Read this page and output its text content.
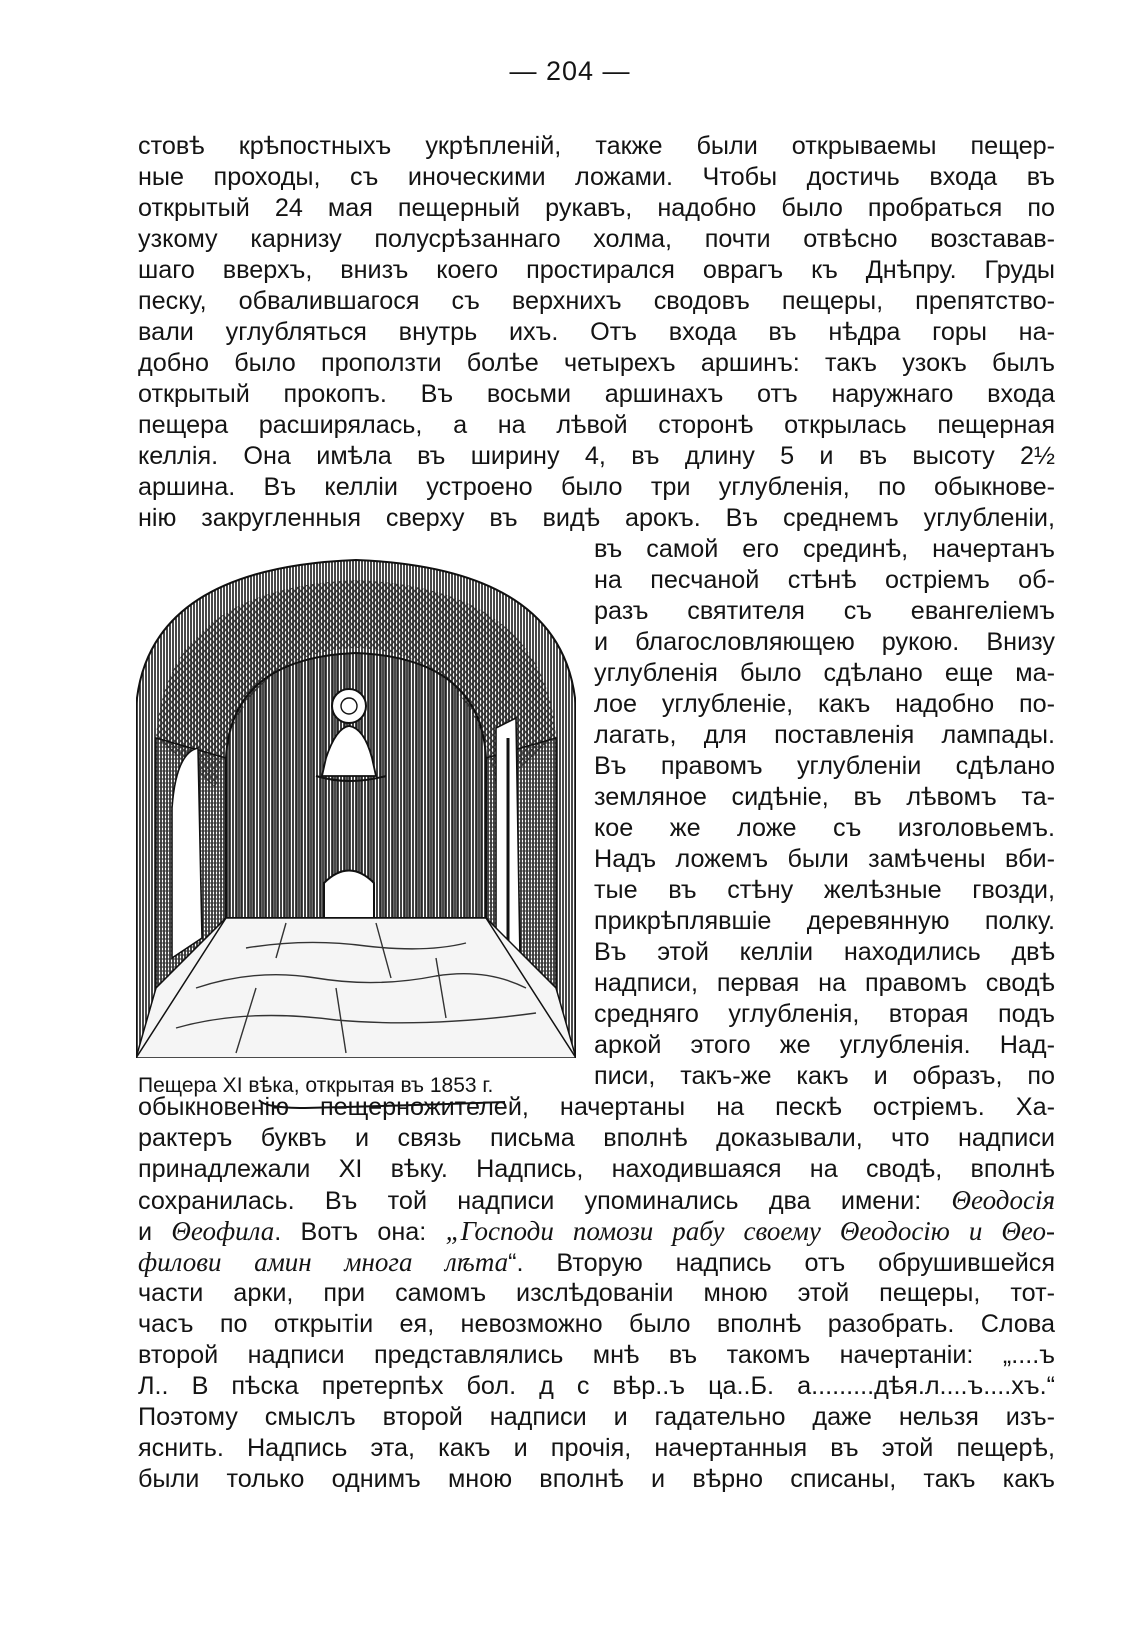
— 204 —
стовѣ крѣпостныхъ укрѣпленій, также были открываемы пещер-
ные проходы, съ иноческими ложами. Чтобы достичь входа въ
открытый 24 мая пещерный рукавъ, надобно было пробраться по
узкому карнизу полусрѣзаннаго холма, почти отвѣсно возставав-
шаго вверхъ, внизъ коего простирался оврагъ къ Днѣпру. Груды
песку, обвалившагося съ верхнихъ сводовъ пещеры, препятство-
вали углубляться внутрь ихъ. Отъ входа въ нѣдра горы на-
добно было проползти болѣе четырехъ аршинъ: такъ узокъ былъ
открытый прокопъ. Въ восьми аршинахъ отъ наружнаго входа
пещера расширялась, а на лѣвой сторонѣ открылась пещерная
келлія. Она имѣла въ ширину 4, въ длину 5 и въ высоту 2½
аршина. Въ келліи устроено было три углубленія, по обыкнове-
нію закругленныя сверху въ видѣ арокъ. Въ среднемъ углубленіи,
въ самой его срединѣ, начертанъ
на песчаной стѣнѣ остріемъ об-
разъ святителя съ евангеліемъ
и благословляющею рукою. Внизу
углубленія было сдѣлано еще ма-
лое углубленіе, какъ надобно по-
лагать, для поставленія лампады.
Въ правомъ углубленіи сдѣлано
земляное сидѣніе, въ лѣвомъ та-
кое же ложе съ изголовьемъ.
Надъ ложемъ были замѣчены вби-
тые въ стѣну желѣзные гвозди,
прикрѣплявшіе деревянную полку.
Въ этой келліи находились двѣ
надписи, первая на правомъ сводѣ
средняго углубленія, вторая подъ
аркой этого же углубленія. Над-
писи, такъ-же какъ и образъ, по
Пещера XI вѣка, открытая въ 1853 г.
обыкновенію пещерножителей, начертаны на пескѣ остріемъ. Ха-
рактеръ буквъ и связь письма вполнѣ доказывали, что надписи
принадлежали XI вѣку. Надпись, находившаяся на сводѣ, вполнѣ
сохранилась. Въ той надписи упоминались два имени: Θеодосія
и Θеофила. Вотъ она: „Господи помози рабу своему Θеодосію и Θео-
филови амин многа лѣта“. Вторую надпись отъ обрушившейся
части арки, при самомъ изслѣдованіи мною этой пещеры, тот-
часъ по открытіи ея, невозможно было вполнѣ разобрать. Слова
второй надписи представлялись мнѣ въ такомъ начертаніи: „....ъ
Л.. В пѣска претерпѣх бол. д с вѣр..ъ ца..Б. а.........дѣя.л....ъ....хъ.“
Поэтому смыслъ второй надписи и гадательно даже нельзя изъ-
яснить. Надпись эта, какъ и прочія, начертанныя въ этой пещерѣ,
были только однимъ мною вполнѣ и вѣрно списаны, такъ какъ
